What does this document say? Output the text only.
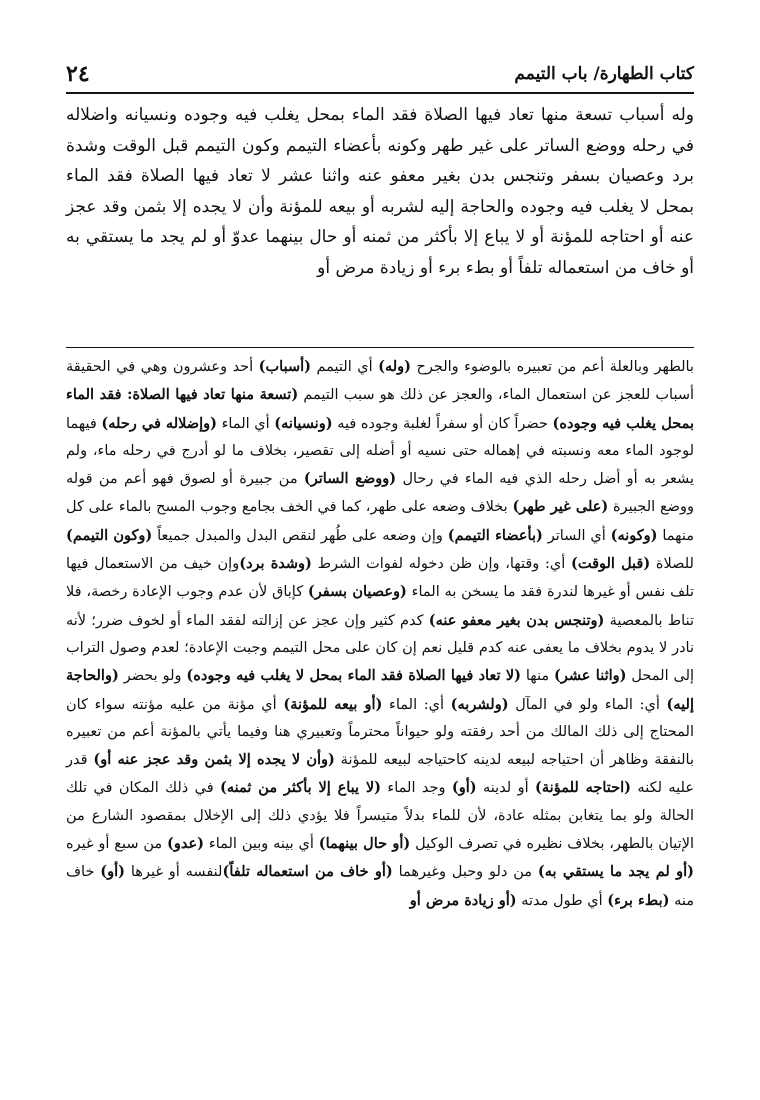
٢٤	كتاب الطهارة/ باب التيمم

وله أسباب تسعة منها تعاد فيها الصلاة فقد الماء بمحل يغلب فيه وجوده ونسيانه واضلاله في رحله ووضع الساتر على غير طهر وكونه بأعضاء التيمم وكون التيمم قبل الوقت وشدة برد وعصيان بسفر وتنجس بدن بغير معفو عنه واثنا عشر لا تعاد فيها الصلاة فقد الماء بمحل لا يغلب فيه وجوده والحاجة إليه لشربه أو بيعه للمؤنة وأن لا يجده إلا بثمن وقد عجز عنه أو احتاجه للمؤنة أو لا يباع إلا بأكثر من ثمنه أو حال بينهما عدوّ أو لم يجد ما يستقي به أو خاف من استعماله تلفاً أو بطء برء أو زيادة مرض أو

بالطهر وبالعلة أعم من تعبيره بالوضوء والجرح (وله) أي التيمم (أسباب) أحد وعشرون وهي في الحقيقة أسباب للعجز عن استعمال الماء، والعجز عن ذلك هو سبب التيمم (تسعة منها تعاد فيها الصلاة: فقد الماء بمحل يغلب فيه وجوده) حضراً كان أو سفراً لغلبة وجوده فيه (ونسيانه) أي الماء (وإضلاله في رحله) فيهما لوجود الماء معه ونسبته في إهماله حتى نسيه أو أضله إلى تقصير، بخلاف ما لو أدرج في رحله ماء، ولم يشعر به أو أضل رحله الذي فيه الماء في رحال (ووضع الساتر) من جبيرة أو لصوق فهو أعم من قوله ووضع الجبيرة (على غير طهر) بخلاف وضعه على طهر، كما في الخف بجامع وجوب المسح بالماء على كل منهما (وكونه) أي الساتر (بأعضاء التيمم) وإن وضعه على طُهر لنقص البدل والمبدل جميعاً (وكون التيمم) للصلاة (قبل الوقت) أي: وقتها، وإن ظن دخوله لفوات الشرط (وشدة برد)وإن خيف من الاستعمال فيها تلف نفس أو غيرها لندرة فقد ما يسخن به الماء (وعصيان بسفر) كإباق لأن عدم وجوب الإعادة رخصة، فلا تناط بالمعصية (وتنجس بدن بغير معفو عنه) كدم كثير وإن عجز عن إزالته لفقد الماء أو لخوف ضرر؛ لأنه نادر لا يدوم بخلاف ما يعفى عنه كدم قليل نعم إن كان على محل التيمم وجبت الإعادة؛ لعدم وصول التراب إلى المحل (واثنا عشر) منها (لا تعاد فيها الصلاة فقد الماء بمحل لا يغلب فيه وجوده) ولو بحضر (والحاجة إليه) أي: الماء ولو في المآل (ولشربه) أي: الماء (أو بيعه للمؤنة) أي مؤنة من عليه مؤنته سواء كان المحتاج إلى ذلك المالك من أحد رفقته ولو حيواناً محترماً وتعبيري هنا وفيما يأتي بالمؤنة أعم من تعبيره بالنفقة وظاهر أن احتياجه لبيعه لدينه كاحتياجه لبيعه للمؤنة (وأن لا يجده إلا بثمن وقد عجز عنه أو) قدر عليه لكنه (احتاجه للمؤنة) أو لدينه (أو) وجد الماء (لا يباع إلا بأكثر من ثمنه) في ذلك المكان في تلك الحالة ولو بما يتغابن بمثله عادة، لأن للماء بدلاً متيسراً فلا يؤدي ذلك إلى الإخلال بمقصود الشارع من الإتيان بالطهر، بخلاف نظيره في تصرف الوكيل (أو حال بينهما) أي بينه وبين الماء (عدو) من سبع أو غيره (أو لم يجد ما يستقي به) من دلو وحبل وغيرهما (أو خاف من استعماله تلفاً)لنفسه أو غيرها (أو) خاف منه (بطء برء) أي طول مدته (أو زيادة مرض أو
